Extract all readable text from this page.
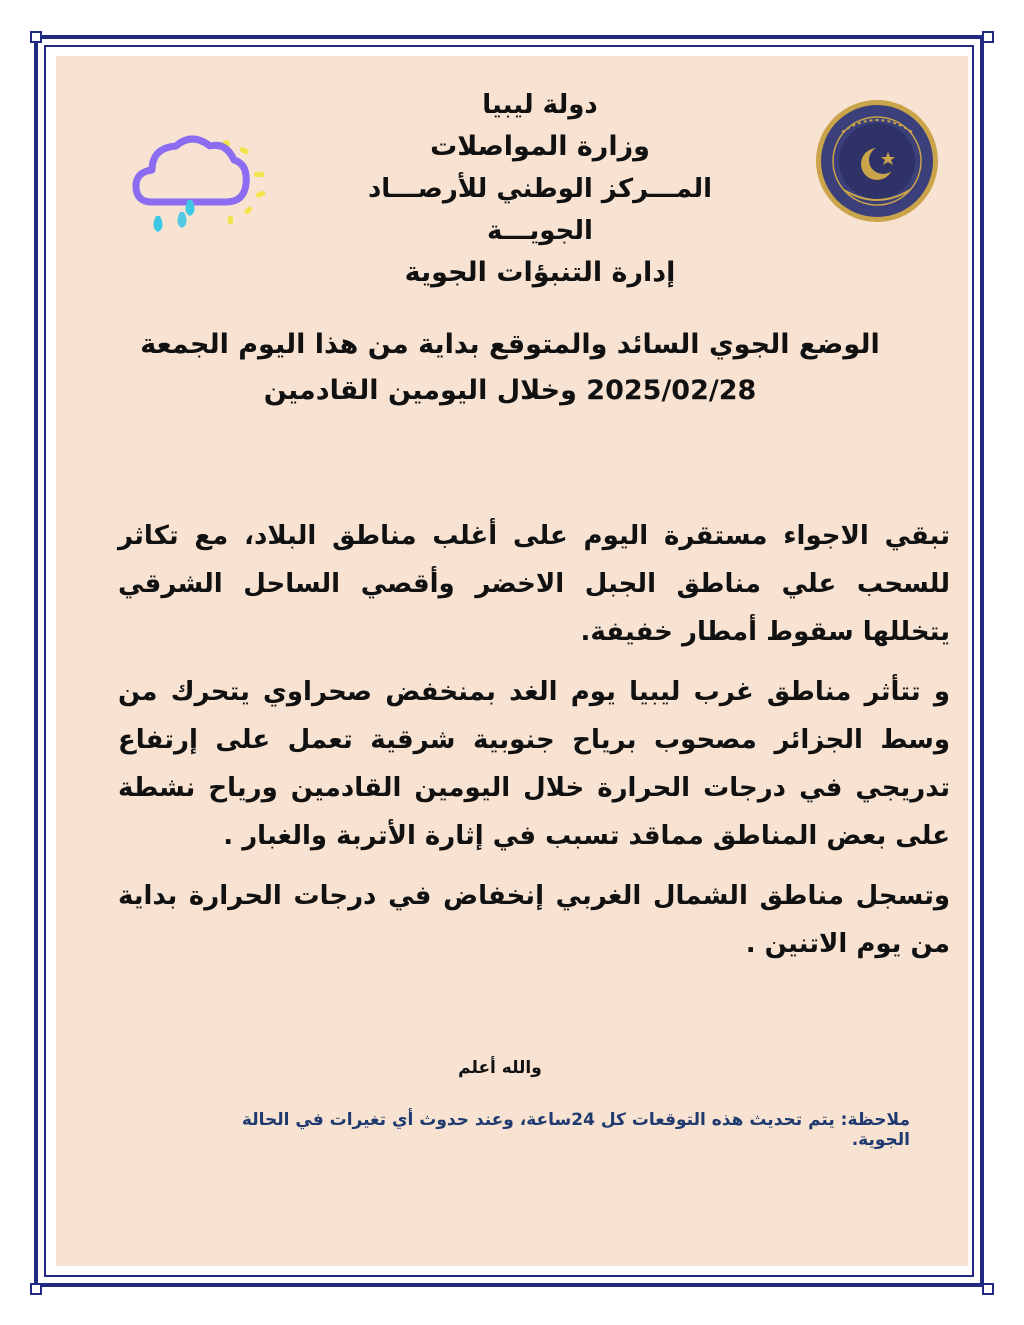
دولة ليبيا
وزارة المواصلات
المـــركز الوطني للأرصـــاد الجويـــة
إدارة التنبؤات الجوية
الوضع الجوي السائد والمتوقع بداية من هذا اليوم الجمعة
2025/02/28 وخلال اليومين القادمين
تبقي الاجواء مستقرة اليوم على أغلب مناطق البلاد، مع تكاثر للسحب علي مناطق الجبل الاخضر وأقصي الساحل الشرقي يتخللها سقوط أمطار خفيفة.
و تتأثر مناطق غرب ليبيا يوم الغد بمنخفض صحراوي يتحرك من وسط الجزائر مصحوب برياح جنوبية شرقية تعمل على إرتفاع تدريجي في درجات الحرارة خلال اليومين القادمين ورياح نشطة على بعض المناطق مماقد تسبب في إثارة الأتربة والغبار .
وتسجل مناطق الشمال الغربي إنخفاض في درجات الحرارة بداية من يوم الاتنين .
والله أعلم
ملاحظة: يتم تحديث هذه التوقعات كل 24ساعة، وعند حدوث أي تغيرات في الحالة الجوية.
